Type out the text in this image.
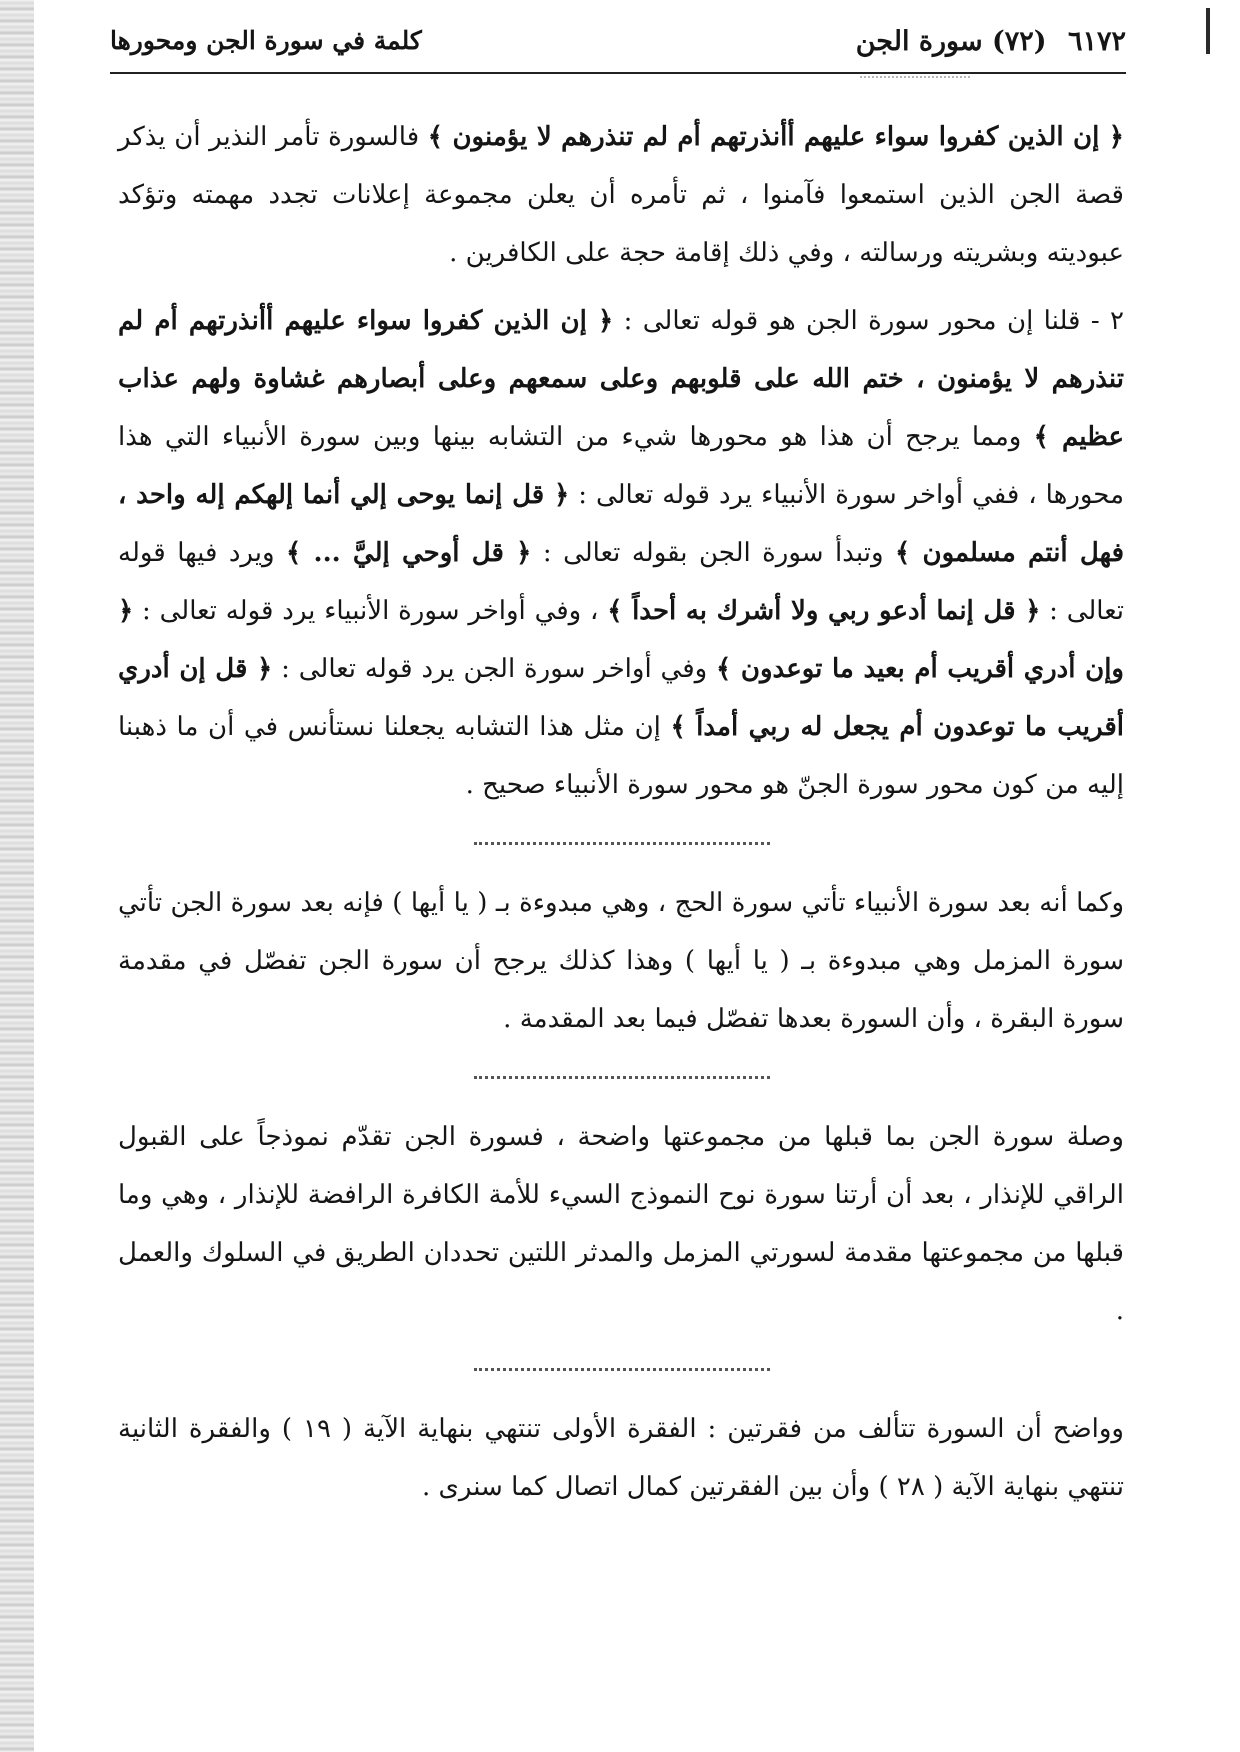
٦١٧٢ (٧٢) سورة الجن
كلمة في سورة الجن ومحورها

﴿ إن الذين كفروا سواء عليهم أأنذرتهم أم لم تنذرهم لا يؤمنون ﴾ فالسورة تأمر النذير أن يذكر قصة الجن الذين استمعوا فآمنوا ، ثم تأمره أن يعلن مجموعة إعلانات تجدد مهمته وتؤكد عبوديته وبشريته ورسالته ، وفي ذلك إقامة حجة على الكافرين .

٢ - قلنا إن محور سورة الجن هو قوله تعالى : ﴿ إن الذين كفروا سواء عليهم أأنذرتهم أم لم تنذرهم لا يؤمنون ، ختم الله على قلوبهم وعلى سمعهم وعلى أبصارهم غشاوة ولهم عذاب عظيم ﴾ ومما يرجح أن هذا هو محورها شيء من التشابه بينها وبين سورة الأنبياء التي هذا محورها ، ففي أواخر سورة الأنبياء يرد قوله تعالى : ﴿ قل إنما يوحى إلي أنما إلهكم إله واحد ، فهل أنتم مسلمون ﴾ وتبدأ سورة الجن بقوله تعالى : ﴿ قل أوحي إليَّ ... ﴾ ويرد فيها قوله تعالى : ﴿ قل إنما أدعو ربي ولا أشرك به أحداً ﴾ ، وفي أواخر سورة الأنبياء يرد قوله تعالى : ﴿ وإن أدري أقريب أم بعيد ما توعدون ﴾ وفي أواخر سورة الجن يرد قوله تعالى : ﴿ قل إن أدري أقريب ما توعدون أم يجعل له ربي أمداً ﴾ إن مثل هذا التشابه يجعلنا نستأنس في أن ما ذهبنا إليه من كون محور سورة الجنّ هو محور سورة الأنبياء صحيح .

وكما أنه بعد سورة الأنبياء تأتي سورة الحج ، وهي مبدوءة بـ ( يا أيها ) فإنه بعد سورة الجن تأتي سورة المزمل وهي مبدوءة بـ ( يا أيها ) وهذا كذلك يرجح أن سورة الجن تفصّل في مقدمة سورة البقرة ، وأن السورة بعدها تفصّل فيما بعد المقدمة .

وصلة سورة الجن بما قبلها من مجموعتها واضحة ، فسورة الجن تقدّم نموذجاً على القبول الراقي للإنذار ، بعد أن أرتنا سورة نوح النموذج السيء للأمة الكافرة الرافضة للإنذار ، وهي وما قبلها من مجموعتها مقدمة لسورتي المزمل والمدثر اللتين تحددان الطريق في السلوك والعمل .

وواضح أن السورة تتألف من فقرتين : الفقرة الأولى تنتهي بنهاية الآية ( ١٩ ) والفقرة الثانية تنتهي بنهاية الآية ( ٢٨ ) وأن بين الفقرتين كمال اتصال كما سنرى .
